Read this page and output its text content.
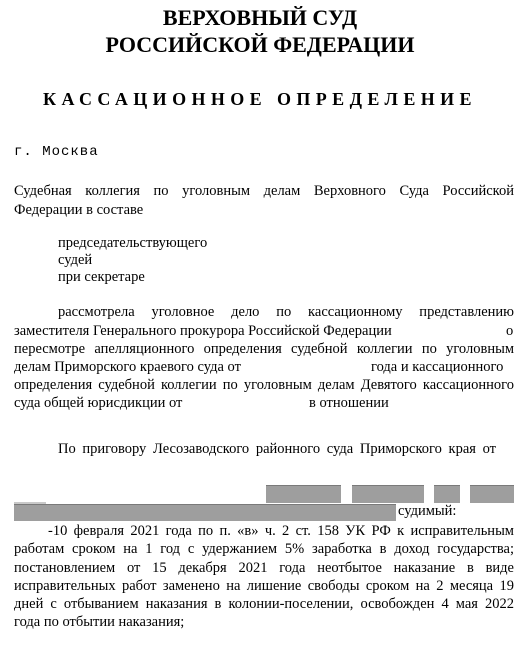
ВЕРХОВНЫЙ СУД
РОССИЙСКОЙ ФЕДЕРАЦИИ
КАССАЦИОННОЕ ОПРЕДЕЛЕНИЕ
г. Москва
Судебная коллегия по уголовным делам Верховного Суда Российской
Федерации в составе
председательствующего
судей
при секретаре
рассмотрела уголовное дело по кассационному представлению
заместителя Генерального прокурора Российской Федерации	о
пересмотре апелляционного определения судебной коллегии по уголовным
делам Приморского краевого суда от	года и кассационного
определения судебной коллегии по уголовным делам Девятого кассационного
суда общей юрисдикции от	в отношении
По приговору Лесозаводского районного суда Приморского края от
судимый:
-10 февраля 2021 года по п. «в» ч. 2 ст. 158 УК РФ к исправительным
работам сроком на 1 год с удержанием 5% заработка в доход государства;
постановлением от 15 декабря 2021 года неотбытое наказание в виде
исправительных работ заменено на лишение свободы сроком на 2 месяца 19
дней с отбыванием наказания в колонии-поселении, освобожден 4 мая 2022
года по отбытии наказания;
